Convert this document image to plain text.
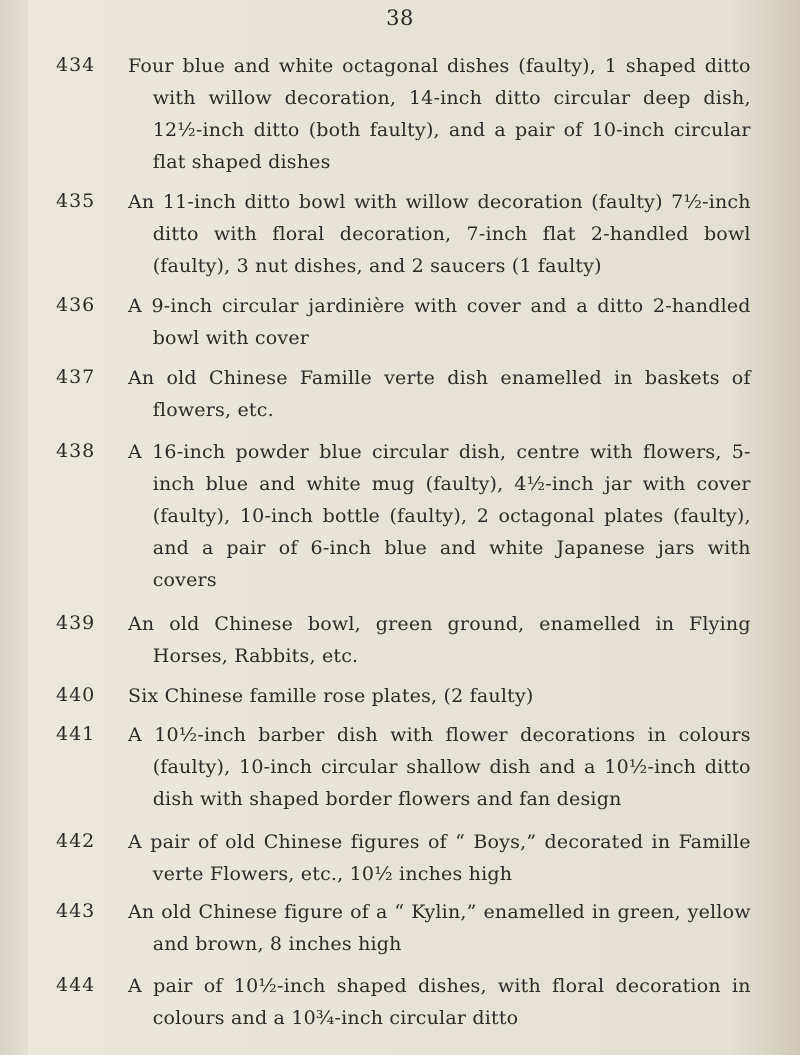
38
434 Four blue and white octagonal dishes (faulty), 1 shaped ditto with willow decoration, 14-inch ditto circular deep dish, 12½-inch ditto (both faulty), and a pair of 10-inch circular flat shaped dishes
435 An 11-inch ditto bowl with willow decoration (faulty) 7½-inch ditto with floral decoration, 7-inch flat 2-handled bowl (faulty), 3 nut dishes, and 2 saucers (1 faulty)
436 A 9-inch circular jardinière with cover and a ditto 2-handled bowl with cover
437 An old Chinese Famille verte dish enamelled in baskets of flowers, etc.
438 A 16-inch powder blue circular dish, centre with flowers, 5-inch blue and white mug (faulty), 4½-inch jar with cover (faulty), 10-inch bottle (faulty), 2 octagonal plates (faulty), and a pair of 6-inch blue and white Japanese jars with covers
439 An old Chinese bowl, green ground, enamelled in Flying Horses, Rabbits, etc.
440 Six Chinese famille rose plates, (2 faulty)
441 A 10½-inch barber dish with flower decorations in colours (faulty), 10-inch circular shallow dish and a 10½-inch ditto dish with shaped border flowers and fan design
442 A pair of old Chinese figures of “ Boys,” decorated in Famille verte Flowers, etc., 10½ inches high
443 An old Chinese figure of a “ Kylin,” enamelled in green, yellow and brown, 8 inches high
444 A pair of 10½-inch shaped dishes, with floral decoration in colours and a 10¾-inch circular ditto
